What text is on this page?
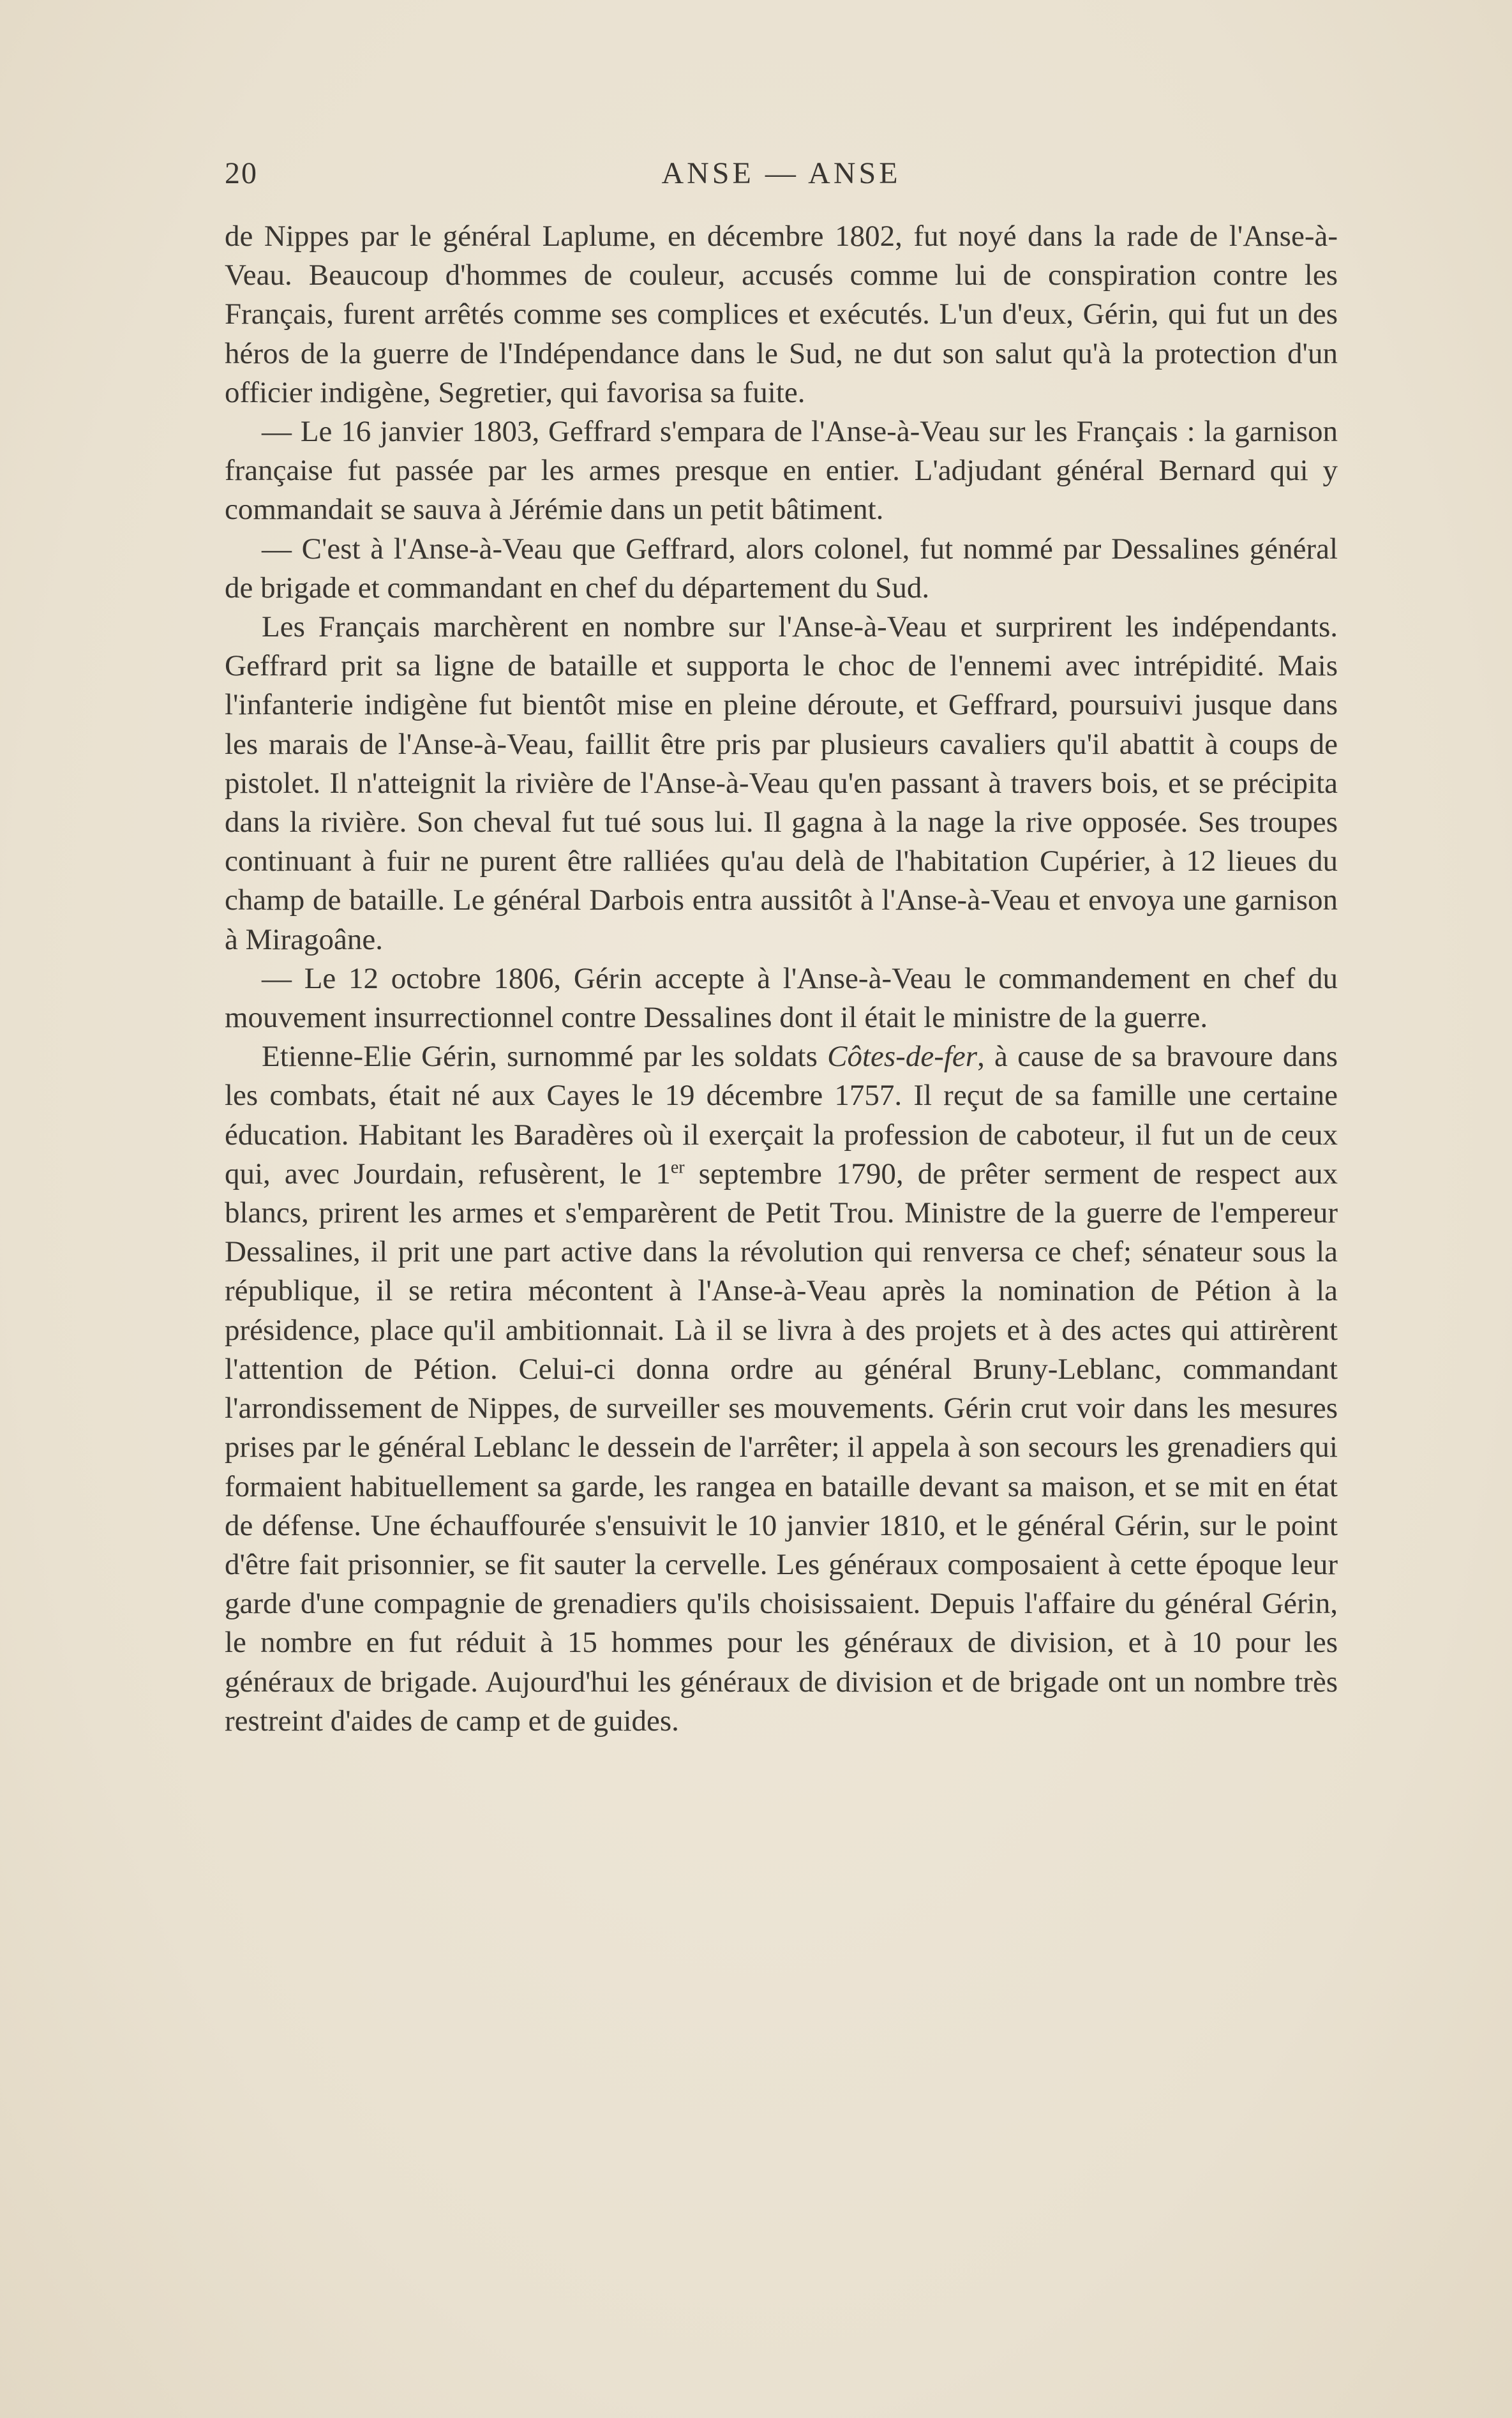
20	ANSE — ANSE

de Nippes par le général Laplume, en décembre 1802, fut noyé dans la rade de l'Anse-à-Veau. Beaucoup d'hommes de couleur, accusés comme lui de conspiration contre les Français, furent arrêtés comme ses complices et exécutés. L'un d'eux, Gérin, qui fut un des héros de la guerre de l'Indépendance dans le Sud, ne dut son salut qu'à la protection d'un officier indigène, Segretier, qui favorisa sa fuite.

— Le 16 janvier 1803, Geffrard s'empara de l'Anse-à-Veau sur les Français : la garnison française fut passée par les armes presque en entier. L'adjudant général Bernard qui y commandait se sauva à Jérémie dans un petit bâtiment.

— C'est à l'Anse-à-Veau que Geffrard, alors colonel, fut nommé par Dessalines général de brigade et commandant en chef du département du Sud.

Les Français marchèrent en nombre sur l'Anse-à-Veau et surprirent les indépendants. Geffrard prit sa ligne de bataille et supporta le choc de l'ennemi avec intrépidité. Mais l'infanterie indigène fut bientôt mise en pleine déroute, et Geffrard, poursuivi jusque dans les marais de l'Anse-à-Veau, faillit être pris par plusieurs cavaliers qu'il abattit à coups de pistolet. Il n'atteignit la rivière de l'Anse-à-Veau qu'en passant à travers bois, et se précipita dans la rivière. Son cheval fut tué sous lui. Il gagna à la nage la rive opposée. Ses troupes continuant à fuir ne purent être ralliées qu'au delà de l'habitation Cupérier, à 12 lieues du champ de bataille. Le général Darbois entra aussitôt à l'Anse-à-Veau et envoya une garnison à Miragoâne.

— Le 12 octobre 1806, Gérin accepte à l'Anse-à-Veau le commandement en chef du mouvement insurrectionnel contre Dessalines dont il était le ministre de la guerre.

Etienne-Elie Gérin, surnommé par les soldats Côtes-de-fer, à cause de sa bravoure dans les combats, était né aux Cayes le 19 décembre 1757. Il reçut de sa famille une certaine éducation. Habitant les Baradères où il exerçait la profession de caboteur, il fut un de ceux qui, avec Jourdain, refusèrent, le 1er septembre 1790, de prêter serment de respect aux blancs, prirent les armes et s'emparèrent de Petit Trou. Ministre de la guerre de l'empereur Dessalines, il prit une part active dans la révolution qui renversa ce chef; sénateur sous la république, il se retira mécontent à l'Anse-à-Veau après la nomination de Pétion à la présidence, place qu'il ambitionnait. Là il se livra à des projets et à des actes qui attirèrent l'attention de Pétion. Celui-ci donna ordre au général Bruny-Leblanc, commandant l'arrondissement de Nippes, de surveiller ses mouvements. Gérin crut voir dans les mesures prises par le général Leblanc le dessein de l'arrêter; il appela à son secours les grenadiers qui formaient habituellement sa garde, les rangea en bataille devant sa maison, et se mit en état de défense. Une échauffourée s'ensuivit le 10 janvier 1810, et le général Gérin, sur le point d'être fait prisonnier, se fit sauter la cervelle. Les généraux composaient à cette époque leur garde d'une compagnie de grenadiers qu'ils choisissaient. Depuis l'affaire du général Gérin, le nombre en fut réduit à 15 hommes pour les généraux de division, et à 10 pour les généraux de brigade. Aujourd'hui les généraux de division et de brigade ont un nombre très restreint d'aides de camp et de guides.
